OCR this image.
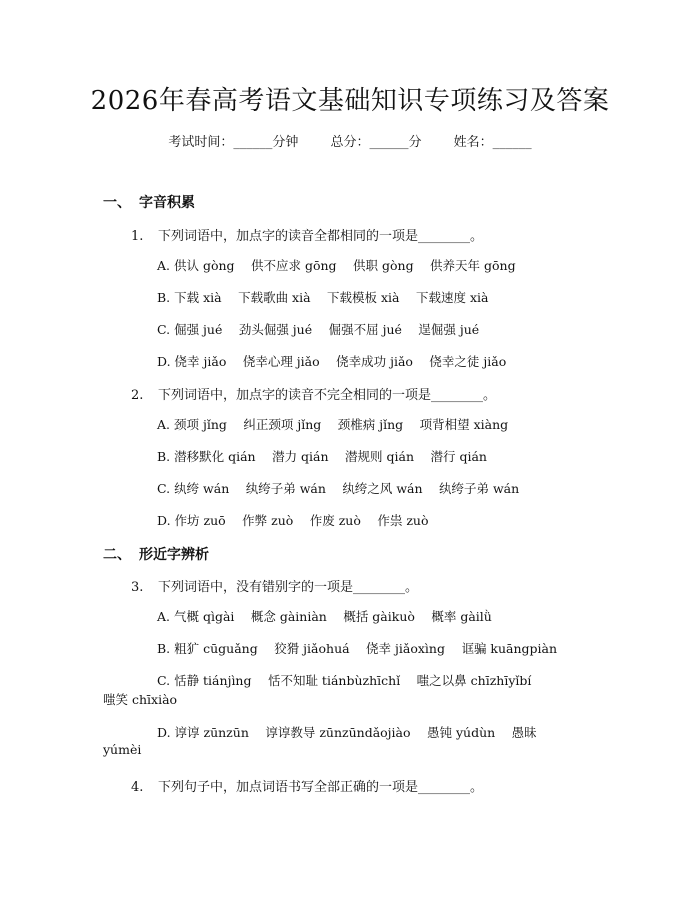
2026年春高考语文基础知识专项练习及答案
考试时间：______分钟 总分：______分 姓名：______
一、 字音积累
1. 下列词语中，加点字的读音全都相同的一项是________。
A. 供认 gòng　 供不应求 gōng　 供职 gòng　 供养天年 gōng
B. 下载 xià　 下载歌曲 xià　 下载模板 xià　 下载速度 xià
C. 倔强 jué　 劲头倔强 jué　 倔强不屈 jué　 逞倔强 jué
D. 侥幸 jiǎo　 侥幸心理 jiǎo　 侥幸成功 jiǎo　 侥幸之徒 jiǎo
2. 下列词语中，加点字的读音不完全相同的一项是________。
A. 颈项 jǐng　 纠正颈项 jǐng　 颈椎病 jǐng　 项背相望 xiàng
B. 潜移默化 qián　 潜力 qián　 潜规则 qián　 潜行 qián
C. 纨绔 wán　 纨绔子弟 wán　 纨绔之风 wán　 纨绔子弟 wán
D. 作坊 zuō　 作弊 zuò　 作废 zuò　 作祟 zuò
二、 形近字辨析
3. 下列词语中，没有错别字的一项是________。
A. 气概 qìgài　 概念 gàiniàn　 概括 gàikuò　 概率 gàilǜ
B. 粗犷 cūguǎng　 狡猾 jiǎohuá　 侥幸 jiǎoxìng　 诓骗 kuāngpiàn
C. 恬静 tiánjìng　 恬不知耻 tiánbùzhīchǐ　 嗤之以鼻 chīzhīyǐbí
嗤笑 chīxiào
D. 谆谆 zūnzūn　 谆谆教导 zūnzūndǎojiào　 愚钝 yúdùn　 愚昧
yúmèi
4. 下列句子中，加点词语书写全部正确的一项是________。
